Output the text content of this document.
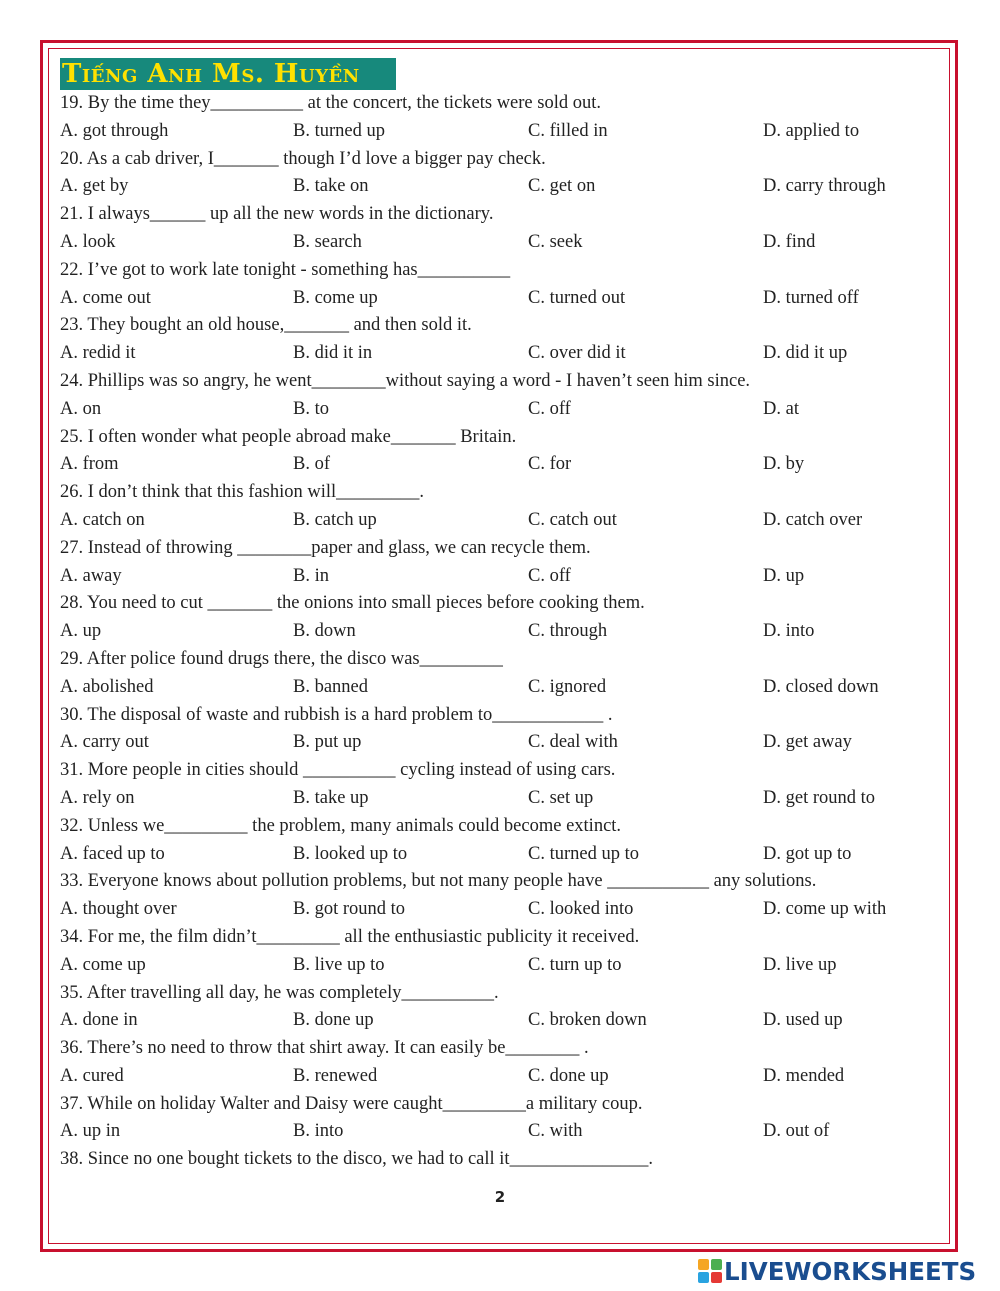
Tiếng Anh Ms. Huyền
19. By the time they__________ at the concert, the tickets were sold out.
A. got through	B. turned up	C. filled in	D. applied to
20. As a cab driver, I_______ though I’d love a bigger pay check.
A. get by	B. take on	C. get on	D. carry through
21. I always______ up all the new words in the dictionary.
A. look	B. search	C. seek	D. find
22. I’ve got to work late tonight - something has__________
A. come out	B. come up	C. turned out	D. turned off
23. They bought an old house,_______ and then sold it.
A. redid it	B. did it in	C. over did it	D. did it up
24. Phillips was so angry, he went________without saying a word - I haven’t seen him since.
A. on	B. to	C. off	D. at
25. I often wonder what people abroad make_______ Britain.
A. from	B. of	C. for	D. by
26. I don’t think that this fashion will_________.
A. catch on	B. catch up	C. catch out	D. catch over
27. Instead of throwing ________paper and glass, we can recycle them.
A. away	B. in	C. off	D. up
28. You need to cut _______ the onions into small pieces before cooking them.
A. up	B. down	C. through	D. into
29. After police found drugs there, the disco was_________
A. abolished	B. banned	C. ignored	D. closed down
30. The disposal of waste and rubbish is a hard problem to____________ .
A. carry out	B. put up	C. deal with	D. get away
31. More people in cities should __________ cycling instead of using cars.
A. rely on	B. take up	C. set up	D. get round to
32. Unless we_________ the problem, many animals could become extinct.
A. faced up to	B. looked up to	C. turned up to	D. got up to
33. Everyone knows about pollution problems, but not many people have ___________ any solutions.
A. thought over	B. got round to	C. looked into	D. come up with
34. For me, the film didn’t_________ all the enthusiastic publicity it received.
A. come up	B. live up to	C. turn up to	D. live up
35. After travelling all day, he was completely__________.
A. done in	B. done up	C. broken down	D. used up
36. There’s no need to throw that shirt away. It can easily be________ .
A. cured	B. renewed	C. done up	D. mended
37. While on holiday Walter and Daisy were caught_________a military coup.
A. up in	B. into	C. with	D. out of
38. Since no one bought tickets to the disco, we had to call it_______________.
2
LIVEWORKSHEETS
